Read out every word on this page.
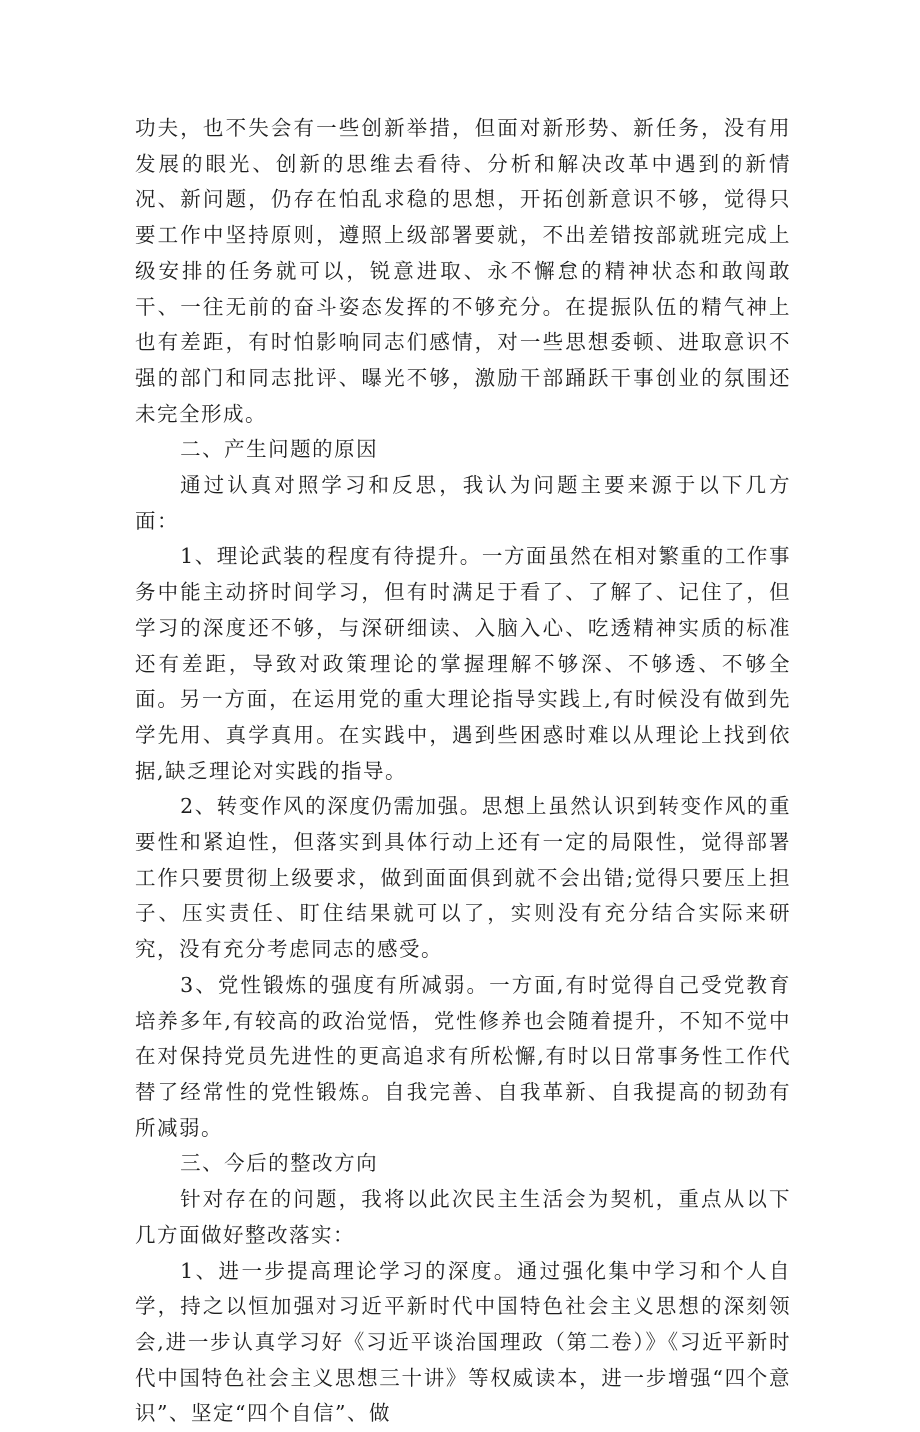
功夫，也不失会有一些创新举措，但面对新形势、新任务，没有用发展的眼光、创新的思维去看待、分析和解决改革中遇到的新情况、新问题，仍存在怕乱求稳的思想，开拓创新意识不够，觉得只要工作中坚持原则，遵照上级部署要就，不出差错按部就班完成上级安排的任务就可以，锐意进取、永不懈怠的精神状态和敢闯敢干、一往无前的奋斗姿态发挥的不够充分。在提振队伍的精气神上也有差距，有时怕影响同志们感情，对一些思想委顿、进取意识不强的部门和同志批评、曝光不够，激励干部踊跃干事创业的氛围还未完全形成。

二、产生问题的原因

通过认真对照学习和反思，我认为问题主要来源于以下几方面：

1、理论武装的程度有待提升。一方面虽然在相对繁重的工作事务中能主动挤时间学习，但有时满足于看了、了解了、记住了，但学习的深度还不够，与深研细读、入脑入心、吃透精神实质的标准还有差距，导致对政策理论的掌握理解不够深、不够透、不够全面。另一方面，在运用党的重大理论指导实践上,有时候没有做到先学先用、真学真用。在实践中，遇到些困惑时难以从理论上找到依据,缺乏理论对实践的指导。

2、转变作风的深度仍需加强。思想上虽然认识到转变作风的重要性和紧迫性，但落实到具体行动上还有一定的局限性，觉得部署工作只要贯彻上级要求，做到面面俱到就不会出错;觉得只要压上担子、压实责任、盯住结果就可以了，实则没有充分结合实际来研究，没有充分考虑同志的感受。

3、党性锻炼的强度有所减弱。一方面,有时觉得自己受党教育培养多年,有较高的政治觉悟，党性修养也会随着提升，不知不觉中在对保持党员先进性的更高追求有所松懈,有时以日常事务性工作代替了经常性的党性锻炼。自我完善、自我革新、自我提高的韧劲有所减弱。

三、今后的整改方向

针对存在的问题，我将以此次民主生活会为契机，重点从以下几方面做好整改落实：

1、进一步提高理论学习的深度。通过强化集中学习和个人自学，持之以恒加强对习近平新时代中国特色社会主义思想的深刻领会,进一步认真学习好《习近平谈治国理政（第二卷）》《习近平新时代中国特色社会主义思想三十讲》等权威读本，进一步增强“四个意识”、坚定“四个自信”、做
